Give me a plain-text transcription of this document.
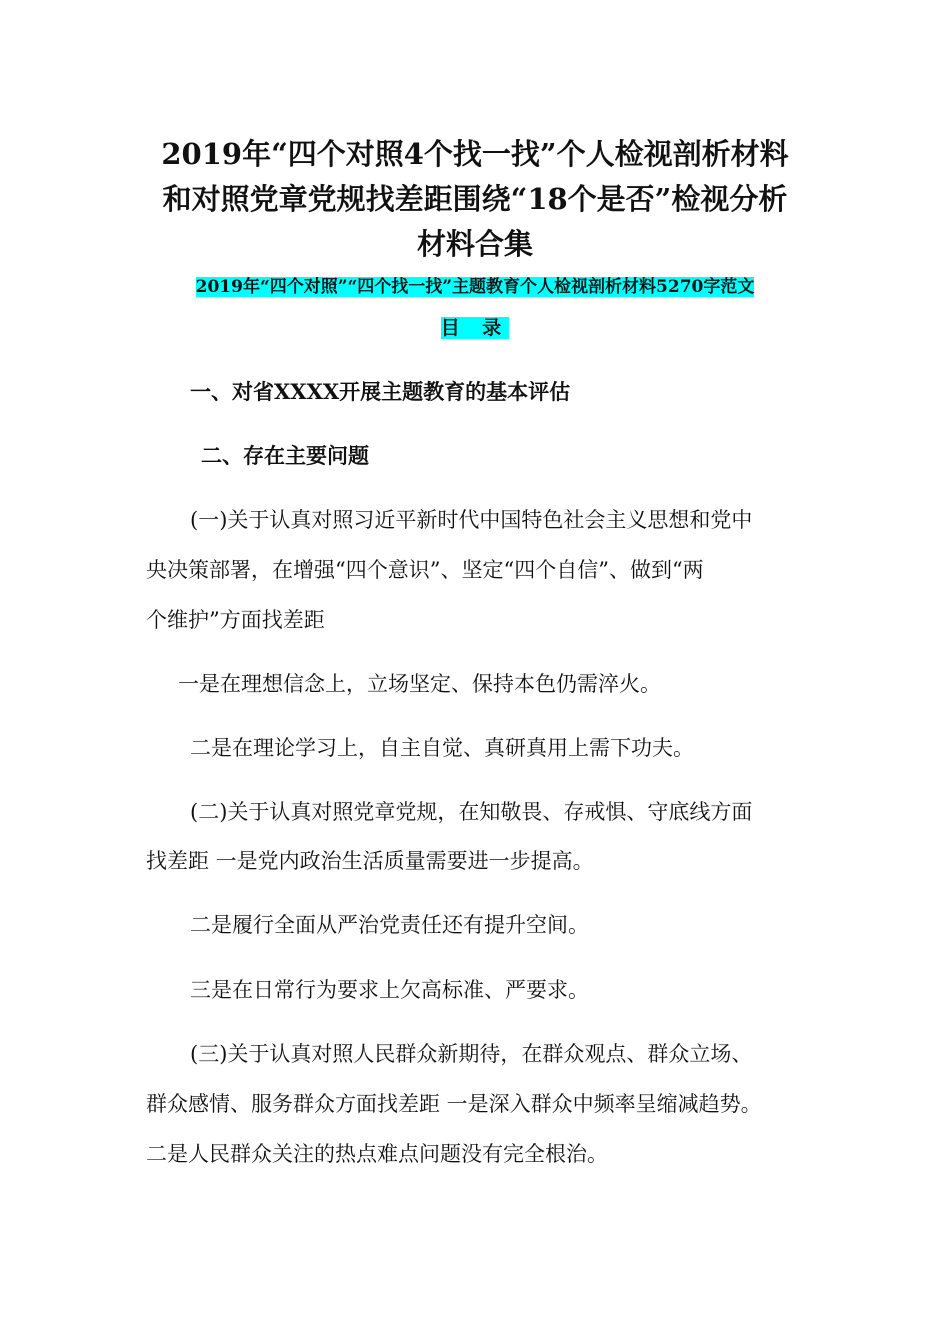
2019年“四个对照4个找一找”个人检视剖析材料
和对照党章党规找差距围绕“18个是否”检视分析
材料合集
2019年“四个对照”“四个找一找”主题教育个人检视剖析材料5270字范文
目 录
一、对省XXXX开展主题教育的基本评估
二、存在主要问题
(一)关于认真对照习近平新时代中国特色社会主义思想和党中
央决策部署，在增强“四个意识”、坚定“四个自信”、做到“两
个维护”方面找差距
一是在理想信念上，立场坚定、保持本色仍需淬火。
二是在理论学习上，自主自觉、真研真用上需下功夫。
(二)关于认真对照党章党规，在知敬畏、存戒惧、守底线方面
找差距 一是党内政治生活质量需要进一步提高。
二是履行全面从严治党责任还有提升空间。
三是在日常行为要求上欠高标准、严要求。
(三)关于认真对照人民群众新期待，在群众观点、群众立场、
群众感情、服务群众方面找差距 一是深入群众中频率呈缩减趋势。
二是人民群众关注的热点难点问题没有完全根治。
